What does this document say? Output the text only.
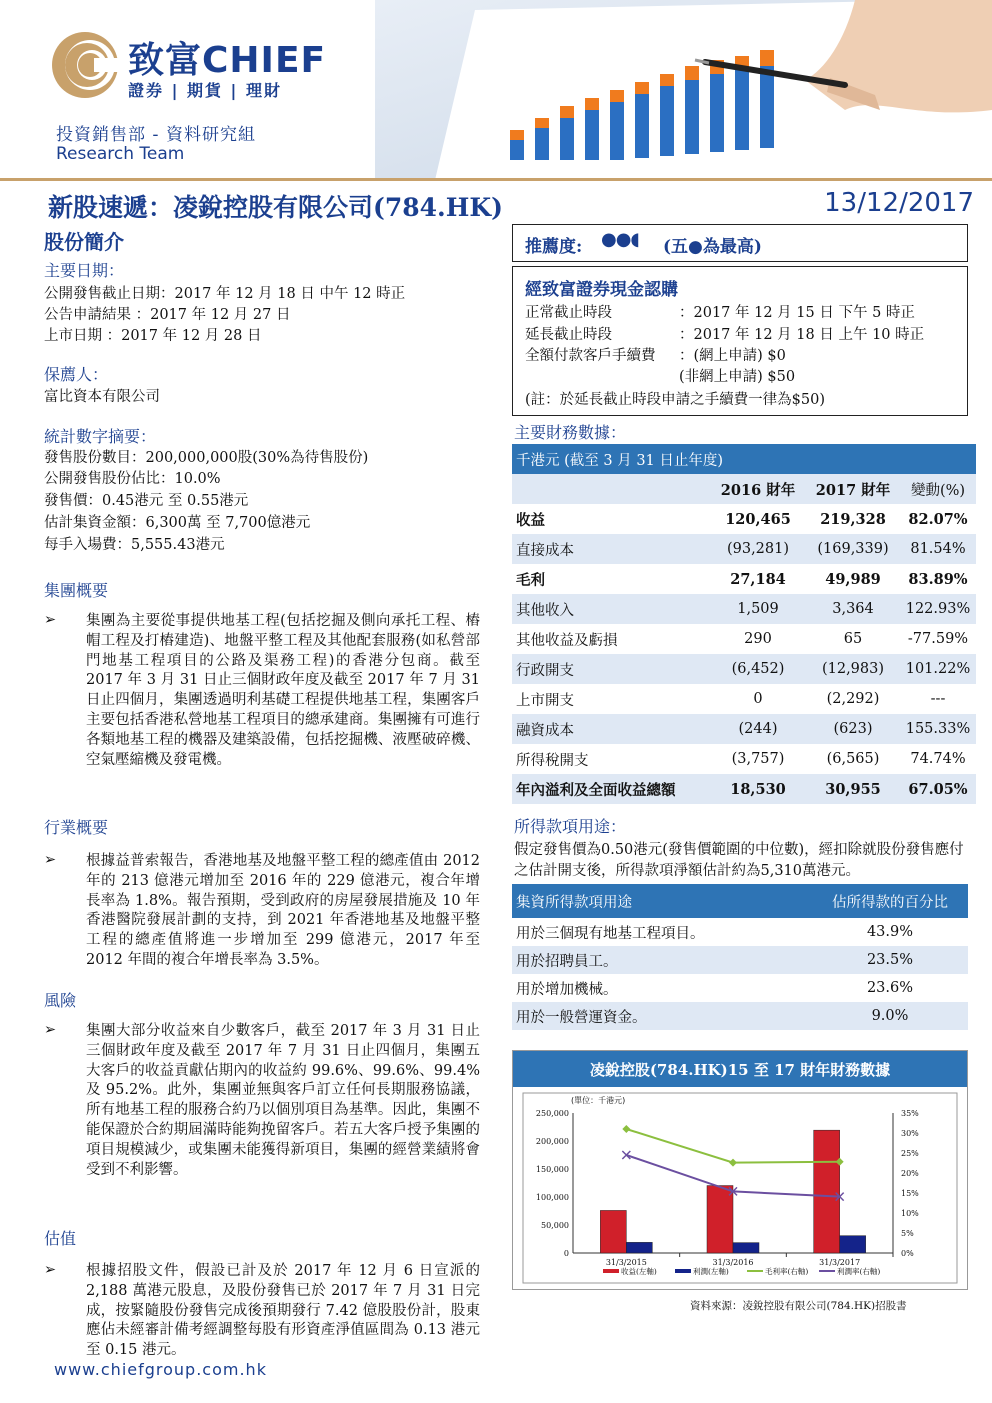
致富CHIEF
證券 | 期貨 | 理財
投資銷售部 - 資料研究組
Research Team
新股速遞：凌銳控股有限公司(784.HK)	13/12/2017
股份簡介
主要日期：
公開發售截止日期：2017 年 12 月 18 日 中午 12 時正
公告申請結果 ：2017 年 12 月 27 日
上市日期 ：2017 年 12 月 28 日
保薦人：
富比資本有限公司
統計數字摘要：
發售股份數目：200,000,000股(30%為待售股份)
公開發售股份佔比：10.0%
發售價：0.45港元 至 0.55港元
估計集資金額：6,300萬 至 7,700億港元
每手入場費：5,555.43港元
集團概要
➢	集團為主要從事提供地基工程(包括挖掘及側向承托工程、樁帽工程及打樁建造)、地盤平整工程及其他配套服務(如私營部門地基工程項目的公路及渠務工程)的香港分包商。截至 2017 年 3 月 31 日止三個財政年度及截至 2017 年 7 月 31 日止四個月，集團透過明利基礎工程提供地基工程，集團客戶主要包括香港私營地基工程項目的總承建商。集團擁有可進行各類地基工程的機器及建築設備，包括挖掘機、液壓破碎機、空氣壓縮機及發電機。
行業概要
➢	根據益普索報告，香港地基及地盤平整工程的總產值由 2012 年的 213 億港元增加至 2016 年的 229 億港元，複合年增長率為 1.8%。報告預期，受到政府的房屋發展措施及 10 年香港醫院發展計劃的支持，到 2021 年香港地基及地盤平整工程的總產值將進一步增加至 299 億港元，2017 年至 2012 年間的複合年增長率為 3.5%。
風險
➢	集團大部分收益來自少數客戶，截至 2017 年 3 月 31 日止三個財政年度及截至 2017 年 7 月 31 日止四個月，集團五大客戶的收益貢獻佔期內的收益約 99.6%、99.6%、99.4% 及 95.2%。此外，集團並無與客戶訂立任何長期服務協議，所有地基工程的服務合約乃以個別項目為基準。因此，集團不能保證於合約期屆滿時能夠挽留客戶。若五大客戶授予集團的項目規模減少，或集團未能獲得新項目，集團的經營業績將會受到不利影響。
估值
➢	根據招股文件，假設已計及於 2017 年 12 月 6 日宣派的 2,188 萬港元股息，及股份發售已於 2017 年 7 月 31 日完成，按緊隨股份發售完成後預期發行 7.42 億股股份計，股東應佔未經審計備考經調整每股有形資產淨值區間為 0.13 港元至 0.15 港元。
推薦度: ●●◖ (五●為最高)
經致富證券現金認購
正常截止時段	：2017 年 12 月 15 日 下午 5 時正
延長截止時段	：2017 年 12 月 18 日 上午 10 時正
全額付款客戶手續費 ：(網上申請) $0
(非網上申請) $50
(註：於延長截止時段申請之手續費一律為$50)
主要財務數據：
千港元 (截至 3 月 31 日止年度)			
	2016 財年	2017 財年	變動(%)
收益	120,465	219,328	82.07%
直接成本	(93,281)	(169,339)	81.54%
毛利	27,184	49,989	83.89%
其他收入	1,509	3,364	122.93%
其他收益及虧損	290	65	-77.59%
行政開支	(6,452)	(12,983)	101.22%
上市開支	0	(2,292)	---
融資成本	(244)	(623)	155.33%
所得稅開支	(3,757)	(6,565)	74.74%
年內溢利及全面收益總額	18,530	30,955	67.05%
所得款項用途：
假定發售價為0.50港元(發售價範圍的中位數)，經扣除就股份發售應付之估計開支後，所得款項淨額估計約為5,310萬港元。
集資所得款項用途	佔所得款的百分比
用於三個現有地基工程項目。	43.9%
用於招聘員工。	23.5%
用於增加機械。	23.6%
用於一般營運資金。	9.0%
凌銳控股(784.HK)15 至 17 財年財務數據
(單位：千港元)
0
50,000
100,000
150,000
200,000
250,000
0%
5%
10%
15%
20%
25%
30%
35%
31/3/2015	31/3/2016	31/3/2017
收益(左軸)	利潤(左軸)	毛利率(右軸)	利潤率(右軸)
資料來源：凌銳控股有限公司(784.HK)招股書
www.chiefgroup.com.hk
